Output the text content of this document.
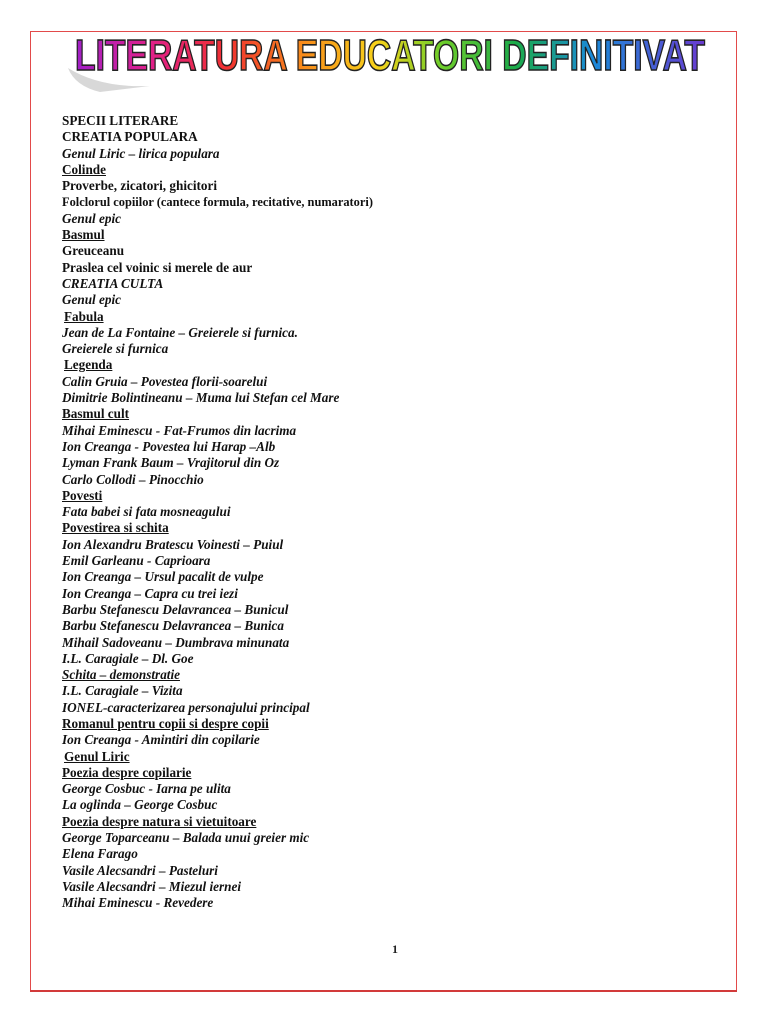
LITERATURA EDUCATORI DEFINITIVAT
SPECII LITERARE
CREATIA POPULARA
Genul Liric – lirica populara
Colinde
Proverbe, zicatori, ghicitori
Folclorul copiilor (cantece formula, recitative, numaratori)
Genul epic
Basmul
Greuceanu
Praslea cel voinic si merele de aur
CREATIA CULTA
Genul epic
Fabula
Jean de La Fontaine – Greierele si furnica.
Greierele si furnica
Legenda
Calin Gruia – Povestea florii-soarelui
Dimitrie Bolintineanu – Muma lui Stefan cel Mare
Basmul cult
Mihai Eminescu - Fat-Frumos din lacrima
Ion Creanga - Povestea lui Harap –Alb
Lyman Frank Baum – Vrajitorul din Oz
Carlo Collodi – Pinocchio
Povesti
Fata babei si fata mosneagului
Povestirea si schita
Ion Alexandru Bratescu Voinesti – Puiul
Emil Garleanu - Caprioara
Ion Creanga – Ursul pacalit de vulpe
Ion Creanga – Capra cu trei iezi
Barbu Stefanescu Delavrancea – Bunicul
Barbu Stefanescu Delavrancea – Bunica
Mihail Sadoveanu – Dumbrava minunata
I.L. Caragiale – Dl. Goe
Schita – demonstratie
I.L. Caragiale – Vizita
IONEL-caracterizarea personajului principal
Romanul pentru copii si despre copii
Ion Creanga - Amintiri din copilarie
Genul Liric
Poezia despre copilarie
George Cosbuc - Iarna pe ulita
La oglinda – George Cosbuc
Poezia despre natura si vietuitoare
George Toparceanu – Balada unui greier mic
Elena Farago
Vasile Alecsandri – Pasteluri
Vasile Alecsandri – Miezul iernei
Mihai Eminescu - Revedere
1
